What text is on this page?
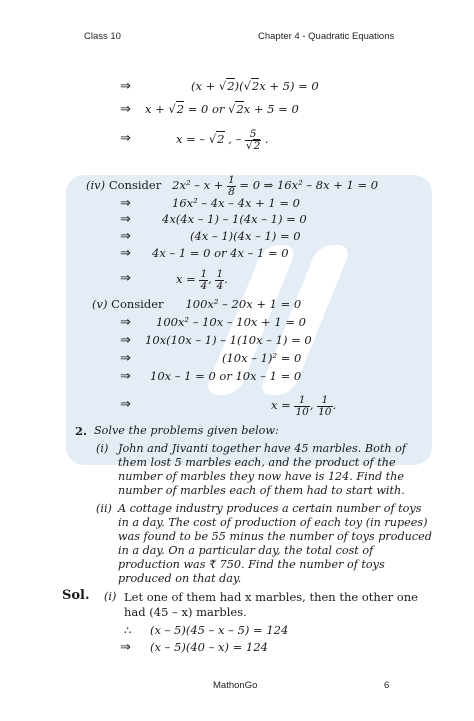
Class 10	Chapter 4 - Quadratic Equations
⇒	(x + √2)(√2x + 5) = 0
⇒ x + √2 = 0 or √2x + 5 = 0
⇒	x = – √2 , – $\frac{5}{√2}$ .
(iv) Consider $2x^2 - x + \frac{1}{8} = 0$ ⇒ 16x² – 8x + 1 = 0
⇒	16x² – 4x – 4x + 1 = 0
⇒	4x(4x – 1) – 1(4x – 1) = 0
⇒	(4x – 1)(4x – 1) = 0
⇒ 4x – 1 = 0 or 4x – 1 = 0
⇒	$x = \frac{1}{4}$ , $\frac{1}{4}$ .
(v) Consider 100x² – 20x + 1 = 0
⇒ 100x² – 10x – 10x + 1 = 0
⇒ 10x(10x – 1) – 1(10x – 1) = 0
⇒	(10x – 1)² = 0
⇒ 10x – 1 = 0 or 10x – 1 = 0
⇒	$x = \frac{1}{10}$ , $\frac{1}{10}$ .
2. Solve the problems given below:
(i) John and Jivanti together have 45 marbles. Both of
them lost 5 marbles each, and the product of the
number of marbles they now have is 124. Find the
number of marbles each of them had to start with.
(ii) A cottage industry produces a certain number of toys
in a day. The cost of production of each toy (in rupees)
was found to be 55 minus the number of toys produced
in a day. On a particular day, the total cost of
production was ₹ 750. Find the number of toys
produced on that day.
Sol. (i) Let one of them had x marbles, then the other one
had (45 – x) marbles.
∴ (x – 5)(45 – x – 5) = 124
⇒ (x – 5)(40 – x) = 124
MathonGo	6
